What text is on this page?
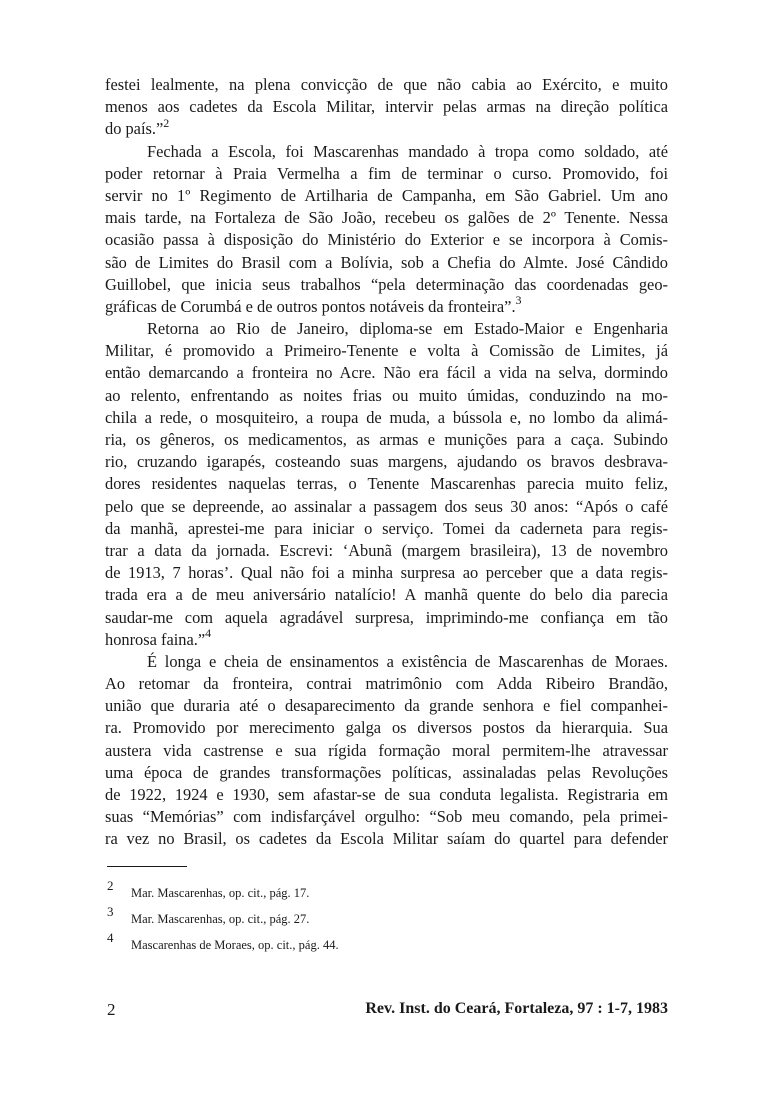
festei lealmente, na plena convicção de que não cabia ao Exército, e muito
menos aos cadetes da Escola Militar, intervir pelas armas na direção política
do país.”$^2$
Fechada a Escola, foi Mascarenhas mandado à tropa como soldado, até
poder retornar à Praia Vermelha a fim de terminar o curso. Promovido, foi
servir no 1º Regimento de Artilharia de Campanha, em São Gabriel. Um ano
mais tarde, na Fortaleza de São João, recebeu os galões de 2º Tenente. Nessa
ocasião passa à disposição do Ministério do Exterior e se incorpora à Comis-
são de Limites do Brasil com a Bolívia, sob a Chefia do Almte. José Cândido
Guillobel, que inicia seus trabalhos “pela determinação das coordenadas geo-
gráficas de Corumbá e de outros pontos notáveis da fronteira”.$^3$
Retorna ao Rio de Janeiro, diploma-se em Estado-Maior e Engenharia
Militar, é promovido a Primeiro-Tenente e volta à Comissão de Limites, já
então demarcando a fronteira no Acre. Não era fácil a vida na selva, dormindo
ao relento, enfrentando as noites frias ou muito úmidas, conduzindo na mo-
chila a rede, o mosquiteiro, a roupa de muda, a bússola e, no lombo da alimá-
ria, os gêneros, os medicamentos, as armas e munições para a caça. Subindo
rio, cruzando igarapés, costeando suas margens, ajudando os bravos desbrava-
dores residentes naquelas terras, o Tenente Mascarenhas parecia muito feliz,
pelo que se depreende, ao assinalar a passagem dos seus 30 anos: “Após o café
da manhã, aprestei-me para iniciar o serviço. Tomei da caderneta para regis-
trar a data da jornada. Escrevi: ‘Abunã (margem brasileira), 13 de novembro
de 1913, 7 horas’. Qual não foi a minha surpresa ao perceber que a data regis-
trada era a de meu aniversário natalício! A manhã quente do belo dia parecia
saudar-me com aquela agradável surpresa, imprimindo-me confiança em tão
honrosa faina.”$^4$
É longa e cheia de ensinamentos a existência de Mascarenhas de Moraes.
Ao retomar da fronteira, contrai matrimônio com Adda Ribeiro Brandão,
união que duraria até o desaparecimento da grande senhora e fiel companhei-
ra. Promovido por merecimento galga os diversos postos da hierarquia. Sua
austera vida castrense e sua rígida formação moral permitem-lhe atravessar
uma época de grandes transformações políticas, assinaladas pelas Revoluções
de 1922, 1924 e 1930, sem afastar-se de sua conduta legalista. Registraria em
suas “Memórias” com indisfarçável orgulho: “Sob meu comando, pela primei-
ra vez no Brasil, os cadetes da Escola Militar saíam do quartel para defender
2 Mar. Mascarenhas, op. cit., pág. 17.
3 Mar. Mascarenhas, op. cit., pág. 27.
4 Mascarenhas de Moraes, op. cit., pág. 44.
2	Rev. Inst. do Ceará, Fortaleza, 97 : 1-7, 1983
